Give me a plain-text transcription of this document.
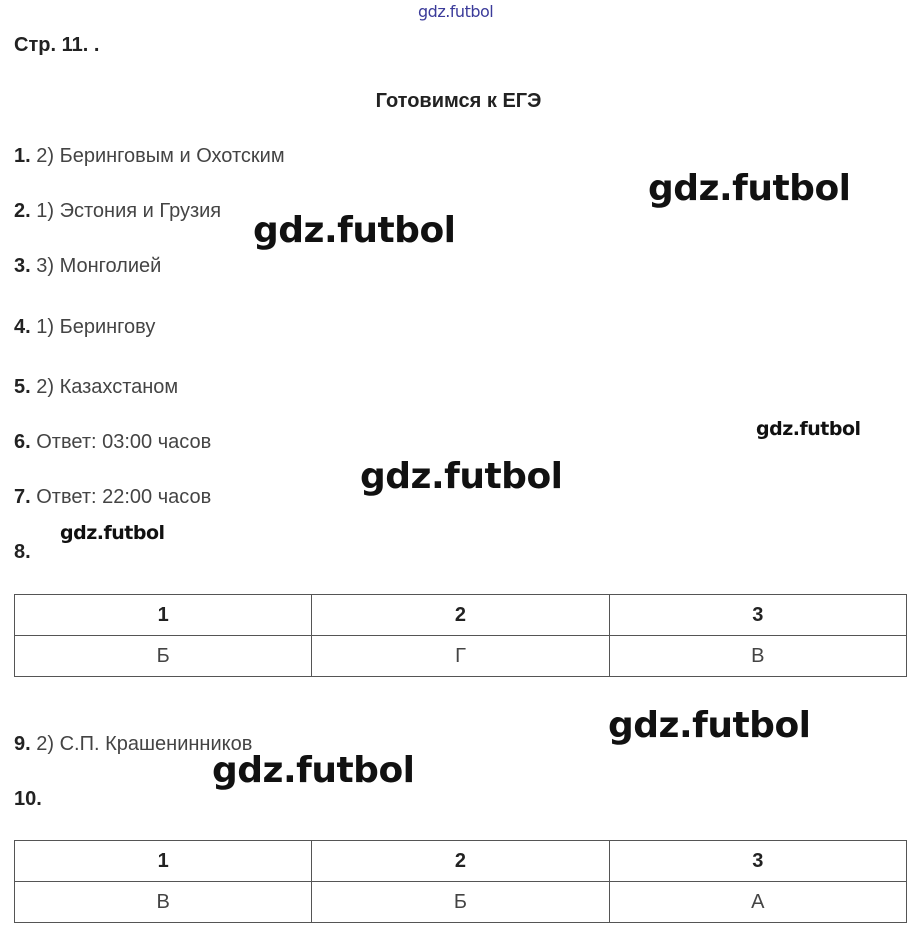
gdz.futbol
Стр. 11. .
Готовимся к ЕГЭ
1. 2) Беринговым и Охотским
2. 1) Эстония и Грузия
3. 3) Монголией
4. 1) Берингову
5. 2) Казахстаном
6. Ответ: 03:00 часов
7. Ответ: 22:00 часов
8.
1	2	3
Б	Г	В
9. 2) С.П. Крашенинников
10.
1	2	3
В	Б	А
gdz.futbol
gdz.futbol
gdz.futbol
gdz.futbol
gdz.futbol
gdz.futbol
gdz.futbol
